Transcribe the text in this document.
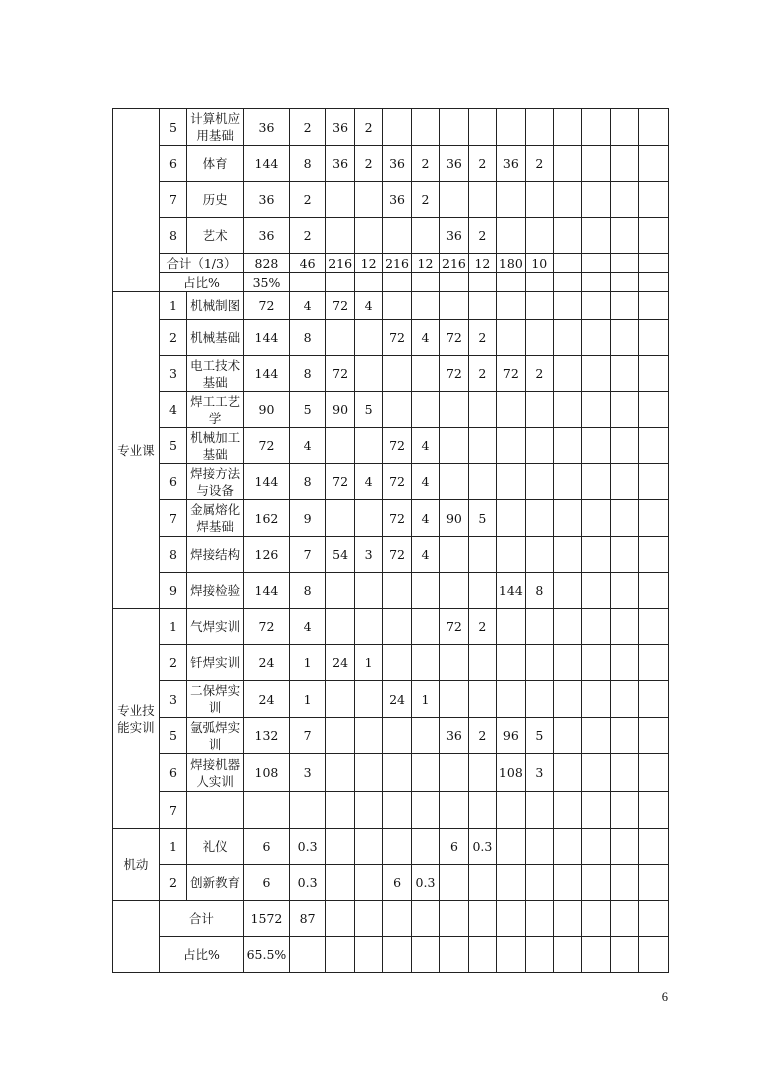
	5	计算机应用基础	36	2	36	2										
	6	体育	144	8	36	2	36	2	36	2	36	2				
	7	历史	36	2			36	2								
	8	艺术	36	2					36	2						
	合计（1/3）		828	46	216	12	216	12	216	12	180	10				
	占比%		35%													
专业课	1	机械制图	72	4	72	4										
	2	机械基础	144	8			72	4	72	2						
	3	电工技术基础	144	8	72				72	2	72	2				
	4	焊工工艺学	90	5	90	5										
	5	机械加工基础	72	4			72	4								
	6	焊接方法与设备	144	8	72	4	72	4								
	7	金属熔化焊基础	162	9			72	4	90	5						
	8	焊接结构	126	7	54	3	72	4								
	9	焊接检验	144	8							144	8				
专业技能实训	1	气焊实训	72	4					72	2						
	2	钎焊实训	24	1	24	1										
	3	二保焊实训	24	1			24	1								
	5	氩弧焊实训	132	7					36	2	96	5				
	6	焊接机器人实训	108	3							108	3				
	7															
机动	1	礼仪	6	0.3					6	0.3						
	2	创新教育	6	0.3			6	0.3								
	合计		1572	87												
	占比%		65.5%													
6
